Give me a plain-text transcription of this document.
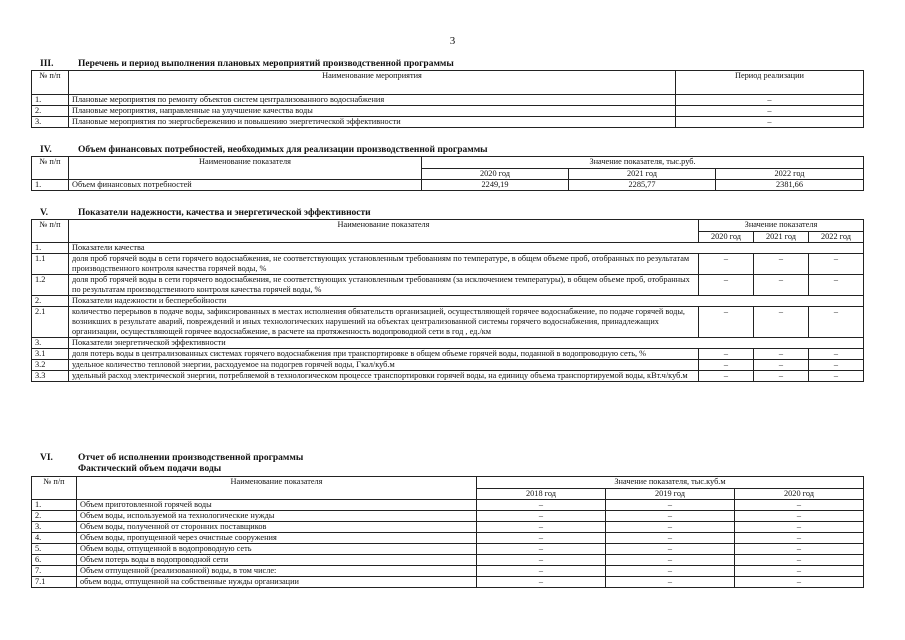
3
III.	Перечень и период выполнения плановых мероприятий производственной программы
№ п/п	Наименование мероприятия	Период реализации
1.	Плановые мероприятия по ремонту объектов систем централизованного водоснабжения	–
2.	Плановые мероприятия, направленные на улучшение качества воды	–
3.	Плановые мероприятия по энергосбережению и повышению энергетической эффективности	–
IV.	Объем финансовых потребностей, необходимых для реализации производственной программы
№ п/п	Наименование показателя	Значение показателя, тыс.руб.		
		2020 год	2021 год	2022 год
1.	Объем финансовых потребностей	2249,19	2285,77	2381,66
V.	Показатели надежности, качества и энергетической эффективности
№ п/п	Наименование показателя	Значение показателя		
		2020 год	2021 год	2022 год
1.	Показатели качества			
1.1	доля проб горячей воды в сети горячего водоснабжения, не соответствующих установленным требованиям по температуре, в общем объеме проб, отобранных по результатам производственного контроля качества горячей воды, %	–	–	–
1.2	доля проб горячей воды в сети горячего водоснабжения, не соответствующих установленным требованиям (за исключением температуры), в общем объеме проб, отобранных по результатам производственного контроля качества горячей воды, %	–	–	–
2.	Показатели надежности и бесперебойности			
2.1	количество перерывов в подаче воды, зафиксированных в местах исполнения обязательств организацией, осуществляющей горячее водоснабжение, по подаче горячей воды, возникших в результате аварий, повреждений и иных технологических нарушений на объектах централизованной системы горячего водоснабжения, принадлежащих организации, осуществляющей горячее водоснабжение, в расчете на протяженность водопроводной сети в год , ед./км	–	–	–
3.	Показатели энергетической эффективности			
3.1	доля потерь воды в централизованных системах горячего водоснабжения при транспортировке в общем объеме горячей воды, поданной в водопроводную сеть, %	–	–	–
3.2	удельное количество тепловой энергии, расходуемое на подогрев горячей воды, Гкал/куб.м	–	–	–
3.3	удельный расход электрической энергии, потребляемой в технологическом процессе транспортировки горячей воды, на единицу объема транспортируемой воды, кВт.ч/куб.м	–	–	–
VI.	Отчет об исполнении производственной программы
Фактический объем подачи воды
№ п/п	Наименование показателя	Значение показателя, тыс.куб.м		
		2018 год	2019 год	2020 год
1.	Объем приготовленной горячей воды	–	–	–
2.	Объем воды, используемой на технологические нужды	–	–	–
3.	Объем воды, полученной от сторонних поставщиков	–	–	–
4.	Объем воды, пропущенной через очистные сооружения	–	–	–
5.	Объем воды, отпущенной в водопроводную сеть	–	–	–
6.	Объем потерь воды в водопроводной сети	–	–	–
7.	Объем отпущенной (реализованной) воды, в том числе:	–	–	–
7.1	объем воды, отпущенной на собственные нужды организации	–	–	–
